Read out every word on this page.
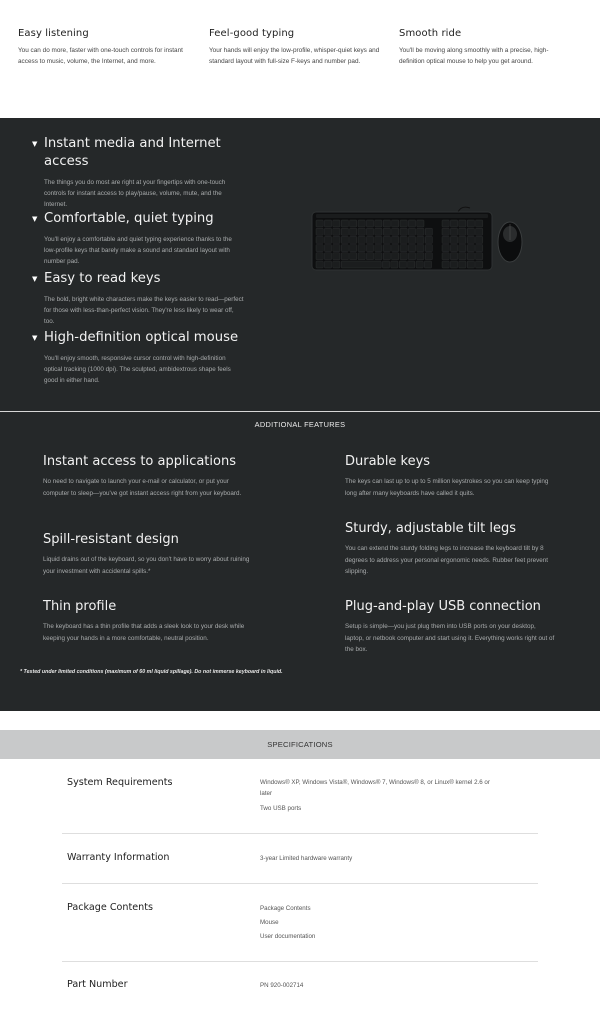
Easy listening

You can do more, faster with one-touch controls for instant access to music, volume, the Internet, and more.

Feel-good typing

Your hands will enjoy the low-profile, whisper-quiet keys and standard layout with full-size F-keys and number pad.

Smooth ride

You'll be moving along smoothly with a precise, high-definition optical mouse to help you get around.

▼ Instant media and Internet access

The things you do most are right at your fingertips with one-touch controls for instant access to play/pause, volume, mute, and the Internet.

▼ Comfortable, quiet typing

You'll enjoy a comfortable and quiet typing experience thanks to the low-profile keys that barely make a sound and standard layout with number pad.

▼ Easy to read keys

The bold, bright white characters make the keys easier to read—perfect for those with less-than-perfect vision. They're less likely to wear off, too.

▼ High-definition optical mouse

You'll enjoy smooth, responsive cursor control with high-definition optical tracking (1000 dpi). The sculpted, ambidextrous shape feels good in either hand.

ADDITIONAL FEATURES
Instant access to applications

No need to navigate to launch your e-mail or calculator, or put your computer to sleep—you've got instant access right from your keyboard.

Durable keys

The keys can last up to up to 5 million keystrokes so you can keep typing long after many keyboards have called it quits.

Spill-resistant design

Liquid drains out of the keyboard, so you don't have to worry about ruining your investment with accidental spills.*

Sturdy, adjustable tilt legs

You can extend the sturdy folding legs to increase the keyboard tilt by 8 degrees to address your personal ergonomic needs. Rubber feet prevent slipping.

Thin profile

The keyboard has a thin profile that adds a sleek look to your desk while keeping your hands in a more comfortable, neutral position.

Plug-and-play USB connection

Setup is simple—you just plug them into USB ports on your desktop, laptop, or netbook computer and start using it. Everything works right out of the box.

* Tested under limited conditions (maximum of 60 ml liquid spillage). Do not immerse keyboard in liquid.
SPECIFICATIONS
System Requirements	Windows® XP, Windows Vista®, Windows® 7, Windows® 8, or Linux® kernel 2.6 or later
Two USB ports
Warranty Information	3-year Limited hardware warranty
Package Contents	Package Contents
Mouse
User documentation
Part Number	PN 920-002714
